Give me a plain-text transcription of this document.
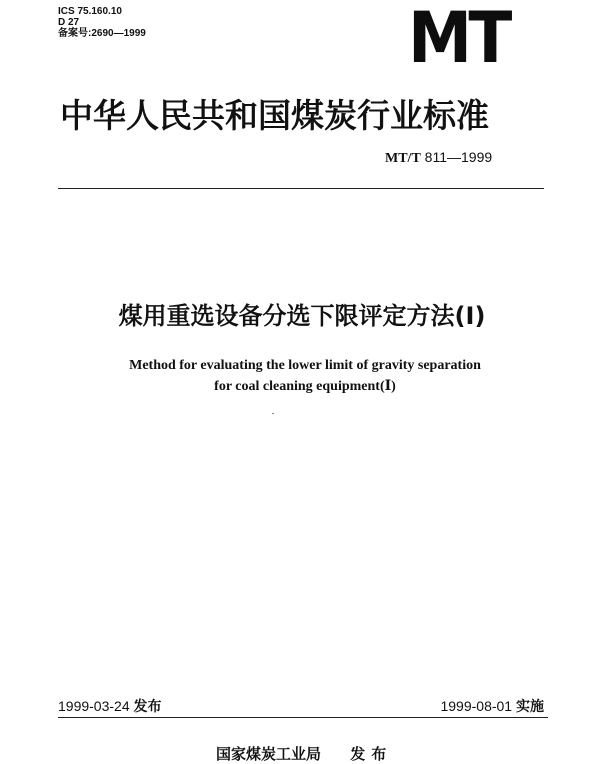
ICS 75.160.10
D 27
备案号:2690—1999	MT
中华人民共和国煤炭行业标准
MT/T 811—1999
煤用重选设备分选下限评定方法(Ⅰ)
Method for evaluating the lower limit of gravity separation
for coal cleaning equipment(Ⅰ)
1999-03-24 发布	1999-08-01 实施
国家煤炭工业局 发布
